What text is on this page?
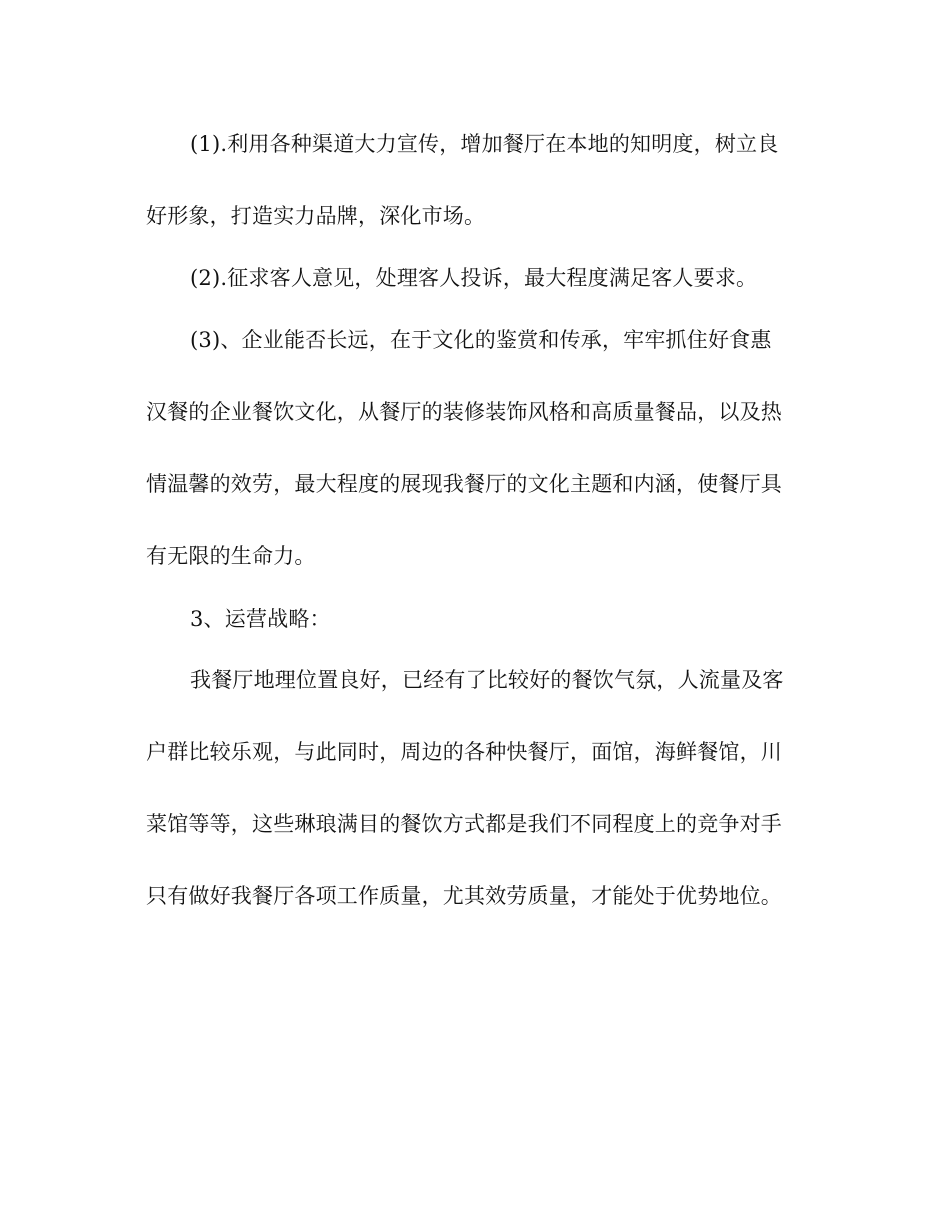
(1).利用各种渠道大力宣传，增加餐厅在本地的知明度，树立良
好形象，打造实力品牌，深化市场。
(2).征求客人意见，处理客人投诉，最大程度满足客人要求。
(3)、企业能否长远，在于文化的鉴赏和传承，牢牢抓住好食惠
汉餐的企业餐饮文化，从餐厅的装修装饰风格和高质量餐品，以及热
情温馨的效劳，最大程度的展现我餐厅的文化主题和内涵，使餐厅具
有无限的生命力。
3、运营战略：
我餐厅地理位置良好，已经有了比较好的餐饮气氛，人流量及客
户群比较乐观，与此同时，周边的各种快餐厅，面馆，海鲜餐馆，川
菜馆等等，这些琳琅满目的餐饮方式都是我们不同程度上的竞争对手
只有做好我餐厅各项工作质量，尤其效劳质量，才能处于优势地位。
